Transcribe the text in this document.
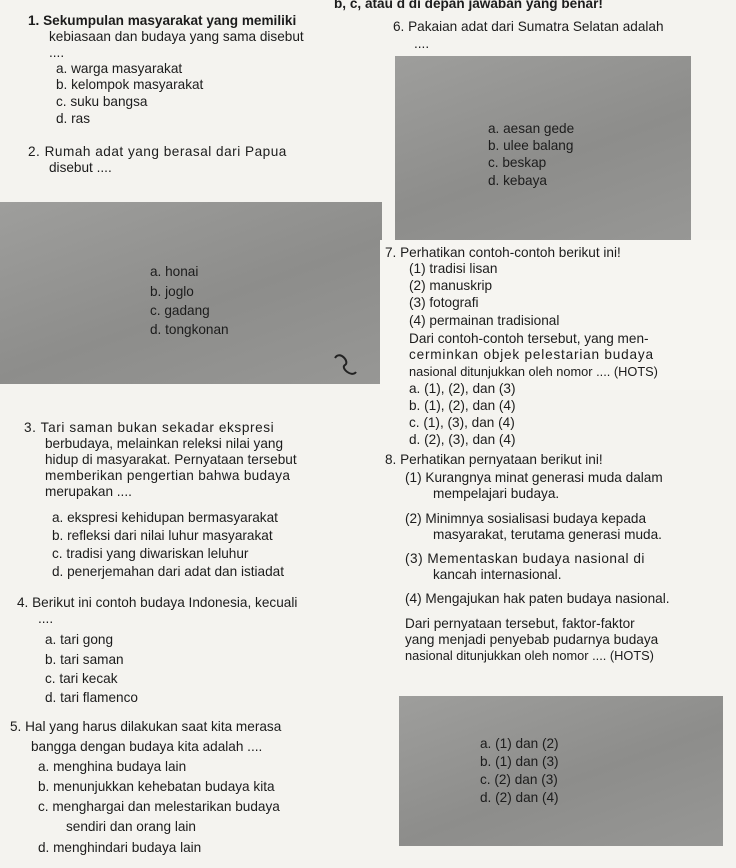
b, c, atau d di depan jawaban yang benar!
1. Sekumpulan masyarakat yang memiliki
kebiasaan dan budaya yang sama disebut
....
a. warga masyarakat
b. kelompok masyarakat
c. suku bangsa
d. ras
2. Rumah adat yang berasal dari Papua
disebut ....
a. honai
b. joglo
c. gadang
d. tongkonan
3. Tari saman bukan sekadar ekspresi
berbudaya, melainkan releksi nilai yang
hidup di masyarakat. Pernyataan tersebut
memberikan pengertian bahwa budaya
merupakan ....
a. ekspresi kehidupan bermasyarakat
b. refleksi dari nilai luhur masyarakat
c. tradisi yang diwariskan leluhur
d. penerjemahan dari adat dan istiadat
4. Berikut ini contoh budaya Indonesia, kecuali
....
a. tari gong
b. tari saman
c. tari kecak
d. tari flamenco
5. Hal yang harus dilakukan saat kita merasa
bangga dengan budaya kita adalah ....
a. menghina budaya lain
b. menunjukkan kehebatan budaya kita
c. menghargai dan melestarikan budaya
sendiri dan orang lain
d. menghindari budaya lain
6. Pakaian adat dari Sumatra Selatan adalah
....
a. aesan gede
b. ulee balang
c. beskap
d. kebaya
7. Perhatikan contoh-contoh berikut ini!
(1) tradisi lisan
(2) manuskrip
(3) fotografi
(4) permainan tradisional
Dari contoh-contoh tersebut, yang men-
cerminkan objek pelestarian budaya
nasional ditunjukkan oleh nomor .... (HOTS)
a. (1), (2), dan (3)
b. (1), (2), dan (4)
c. (1), (3), dan (4)
d. (2), (3), dan (4)
8. Perhatikan pernyataan berikut ini!
(1) Kurangnya minat generasi muda dalam
mempelajari budaya.
(2) Minimnya sosialisasi budaya kepada
masyarakat, terutama generasi muda.
(3) Mementaskan budaya nasional di
kancah internasional.
(4) Mengajukan hak paten budaya nasional.
Dari pernyataan tersebut, faktor-faktor
yang menjadi penyebab pudarnya budaya
nasional ditunjukkan oleh nomor .... (HOTS)
a. (1) dan (2)
b. (1) dan (3)
c. (2) dan (3)
d. (2) dan (4)
